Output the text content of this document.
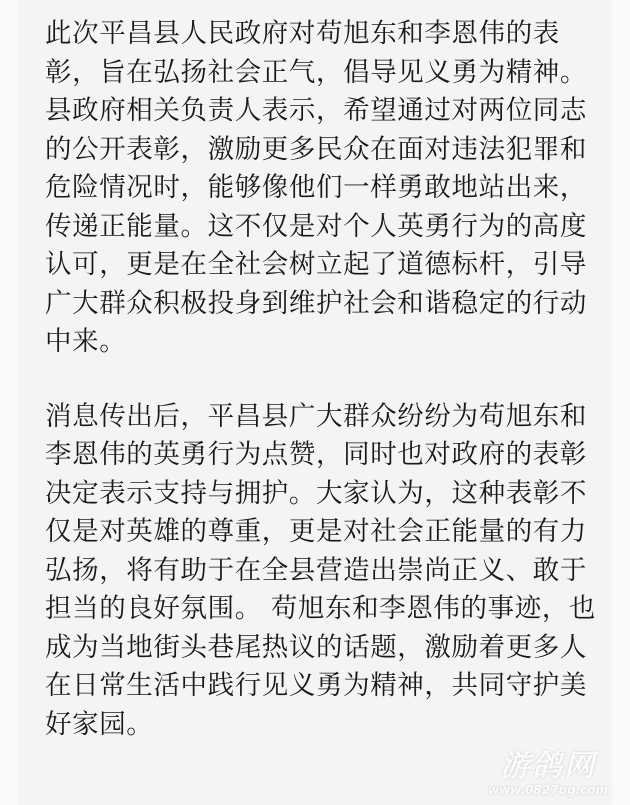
此次平昌县人民政府对苟旭东和李恩伟的表
彰，旨在弘扬社会正气，倡导见义勇为精神。
县政府相关负责人表示，希望通过对两位同志
的公开表彰，激励更多民众在面对违法犯罪和
危险情况时，能够像他们一样勇敢地站出来，
传递正能量。这不仅是对个人英勇行为的高度
认可，更是在全社会树立起了道德标杆，引导
广大群众积极投身到维护社会和谐稳定的行动
中来。

消息传出后，平昌县广大群众纷纷为苟旭东和
李恩伟的英勇行为点赞，同时也对政府的表彰
决定表示支持与拥护。大家认为，这种表彰不
仅是对英雄的尊重，更是对社会正能量的有力
弘扬，将有助于在全县营造出崇尚正义、敢于
担当的良好氛围。 苟旭东和李恩伟的事迹，也
成为当地街头巷尾热议的话题，激励着更多人
在日常生活中践行见义勇为精神，共同守护美
好家园。

游鸽网
www.0827ug.com
